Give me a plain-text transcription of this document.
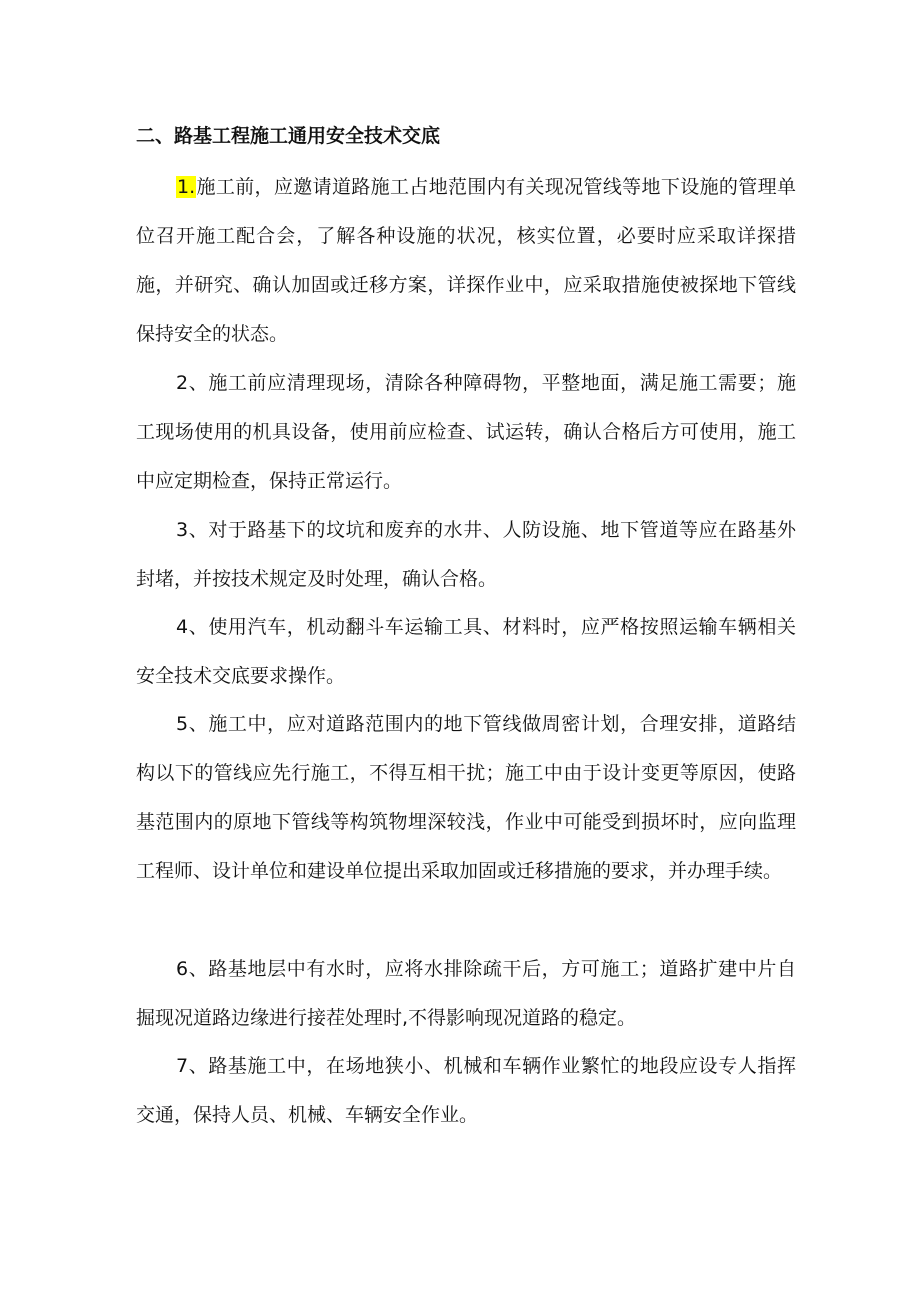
二、路基工程施工通用安全技术交底

1.施工前，应邀请道路施工占地范围内有关现况管线等地下设施的管理单位召开施工配合会，了解各种设施的状况，核实位置，必要时应采取详探措施，并研究、确认加固或迁移方案，详探作业中，应采取措施使被探地下管线保持安全的状态。

2、施工前应清理现场，清除各种障碍物，平整地面，满足施工需要；施工现场使用的机具设备，使用前应检查、试运转，确认合格后方可使用，施工中应定期检查，保持正常运行。

3、对于路基下的坟坑和废弃的水井、人防设施、地下管道等应在路基外封堵，并按技术规定及时处理，确认合格。

4、使用汽车，机动翻斗车运输工具、材料时，应严格按照运输车辆相关安全技术交底要求操作。

5、施工中，应对道路范围内的地下管线做周密计划，合理安排，道路结构以下的管线应先行施工，不得互相干扰；施工中由于设计变更等原因，使路基范围内的原地下管线等构筑物埋深较浅，作业中可能受到损坏时，应向监理工程师、设计单位和建设单位提出采取加固或迁移措施的要求，并办理手续。

6、路基地层中有水时，应将水排除疏干后，方可施工；道路扩建中片自掘现况道路边缘进行接茬处理时,不得影响现况道路的稳定。

7、路基施工中，在场地狭小、机械和车辆作业繁忙的地段应设专人指挥交通，保持人员、机械、车辆安全作业。
